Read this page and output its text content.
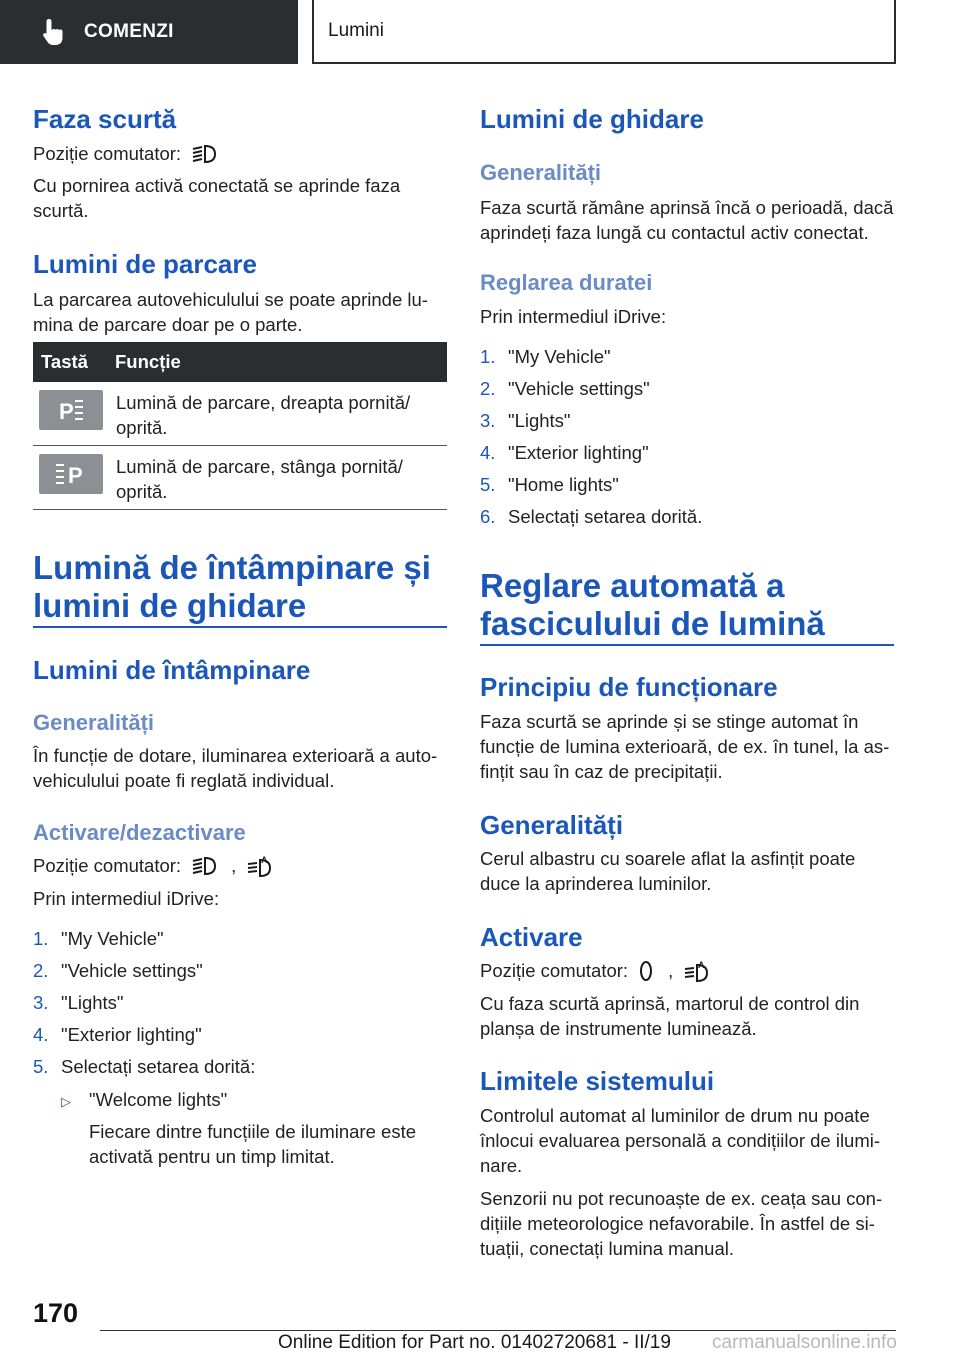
COMENZI	Lumini
Faza scurtă
Poziție comutator:
Cu pornirea activă conectată se aprinde faza
scurtă.
Lumini de parcare
La parcarea autovehiculului se poate aprinde lu-
mina de parcare doar pe o parte.
Tastă	Funcție
P Lumină de parcare, dreapta pornită/
oprită.
P Lumină de parcare, stânga pornită/
oprită.
Lumină de întâmpinare și
lumini de ghidare
Lumini de întâmpinare
Generalități
În funcție de dotare, iluminarea exterioară a auto-
vehiculului poate fi reglată individual.
Activare/dezactivare
Poziție comutator:	,	A
Prin intermediul iDrive:
1. "My Vehicle"
2. "Vehicle settings"
3. "Lights"
4. "Exterior lighting"
5. Selectați setarea dorită:
▷ "Welcome lights"
Fiecare dintre funcțiile de iluminare este
activată pentru un timp limitat.
Lumini de ghidare
Generalități
Faza scurtă rămâne aprinsă încă o perioadă, dacă
aprindeți faza lungă cu contactul activ conectat.
Reglarea duratei
Prin intermediul iDrive:
1. "My Vehicle"
2. "Vehicle settings"
3. "Lights"
4. "Exterior lighting"
5. "Home lights"
6. Selectați setarea dorită.
Reglare automată a
fasciculului de lumină
Principiu de funcționare
Faza scurtă se aprinde și se stinge automat în
funcție de lumina exterioară, de ex. în tunel, la as-
fințit sau în caz de precipitații.
Generalități
Cerul albastru cu soarele aflat la asfințit poate
duce la aprinderea luminilor.
Activare
Poziție comutator: ,	A
Cu faza scurtă aprinsă, martorul de control din
planșa de instrumente luminează.
Limitele sistemului
Controlul automat al luminilor de drum nu poate
înlocui evaluarea personală a condițiilor de ilumi-
nare.
Senzorii nu pot recunoaște de ex. ceața sau con-
dițiile meteorologice nefavorabile. În astfel de si-
tuații, conectați lumina manual.
170
Online Edition for Part no. 01402720681 - II/19 carmanualsonline.info
